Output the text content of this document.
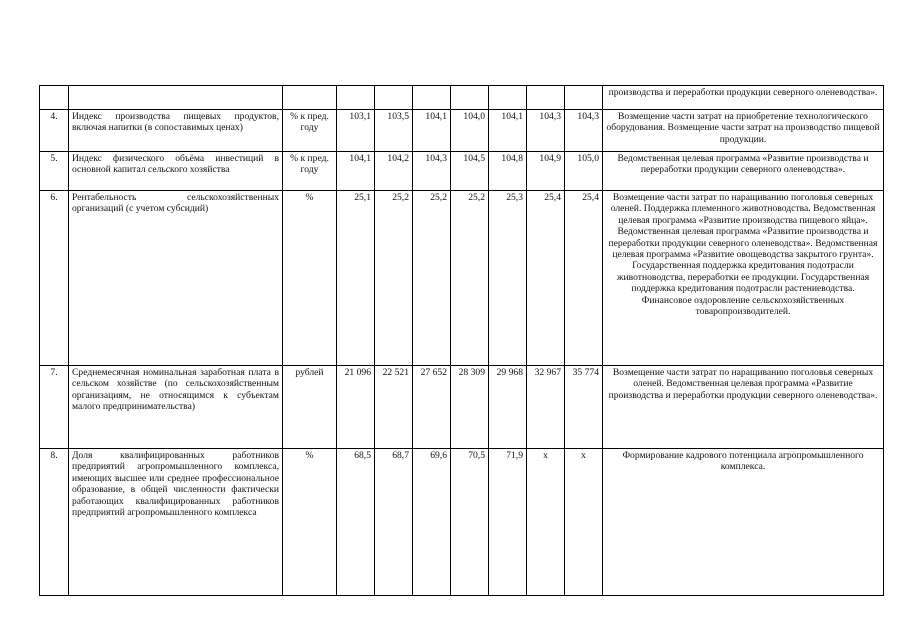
										производства и переработки продукции северного оленеводства».
4.	Индекс производства пищевых продуктов, включая напитки (в сопоставимых ценах)	% к пред. году	103,1	103,5	104,1	104,0	104,1	104,3	104,3	Возмещение части затрат на приобретение технологического оборудования. Возмещение части затрат на производство пищевой продукции.
5.	Индекс физического объёма инвестиций в основной капитал сельского хозяйства	% к пред. году	104,1	104,2	104,3	104,5	104,8	104,9	105,0	Ведомственная целевая программа «Развитие производства и переработки продукции северного оленеводства».
6.	Рентабельность сельскохозяйственных организаций (с учетом субсидий)	%	25,1	25,2	25,2	25,2	25,3	25,4	25,4	Возмещение части затрат по наращиванию поголовья северных оленей. Поддержка племенного животноводства. Ведомственная целевая программа «Развитие производства пищевого яйца». Ведомственная целевая программа «Развитие производства и переработки продукции северного оленеводства». Ведомственная целевая программа «Развитие овощеводства закрытого грунта». Государственная поддержка кредитования подотрасли животноводства, переработки ее продукции. Государственная поддержка кредитования подотрасли растениеводства. Финансовое оздоровление сельскохозяйственных товаропроизводителей.
7.	Среднемесячная номинальная заработная плата в сельском хозяйстве (по сельскохозяйственным организациям, не относящимся к субъектам малого предпринимательства)	рублей	21 096	22 521	27 652	28 309	29 968	32 967	35 774	Возмещение части затрат по наращиванию поголовья северных оленей. Ведомственная целевая программа «Развитие производства и переработки продукции северного оленеводства».
8.	Доля квалифицированных работников предприятий агропромышленного комплекса, имеющих высшее или среднее профессиональное образование, в общей численности фактически работающих квалифицированных работников предприятий агропромышленного комплекса	%	68,5	68,7	69,6	70,5	71,9	х	х	Формирование кадрового потенциала агропромышленного комплекса.
